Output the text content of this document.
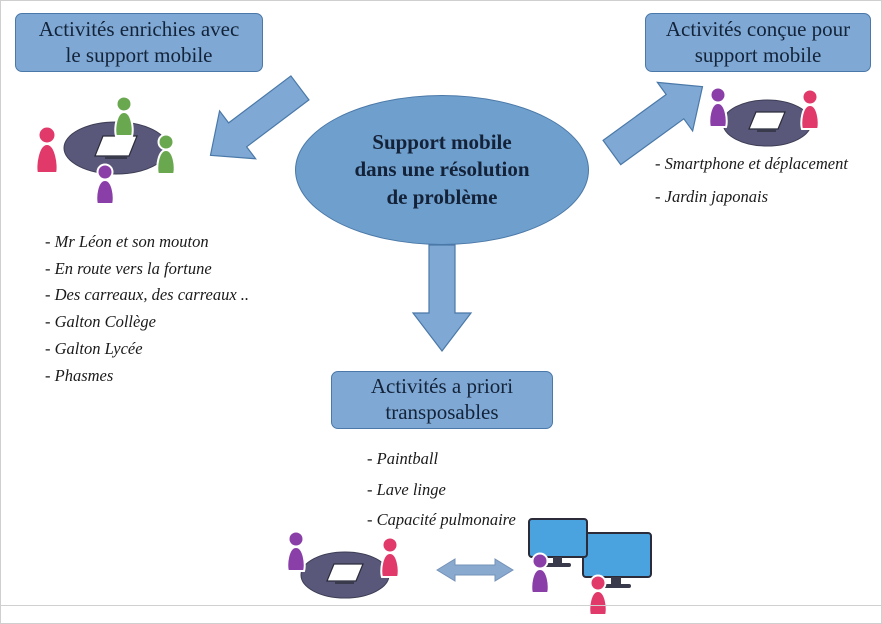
Activités enrichies avec
le support mobile
Activités conçue pour
support mobile
Activités a priori
transposables
Support mobile
dans une résolution
de problème
- Mr Léon et son mouton
- En route vers la fortune
- Des carreaux, des carreaux ..
- Galton Collège
- Galton Lycée
- Phasmes
- Smartphone et déplacement
- Jardin japonais
- Paintball
- Lave linge
- Capacité pulmonaire
